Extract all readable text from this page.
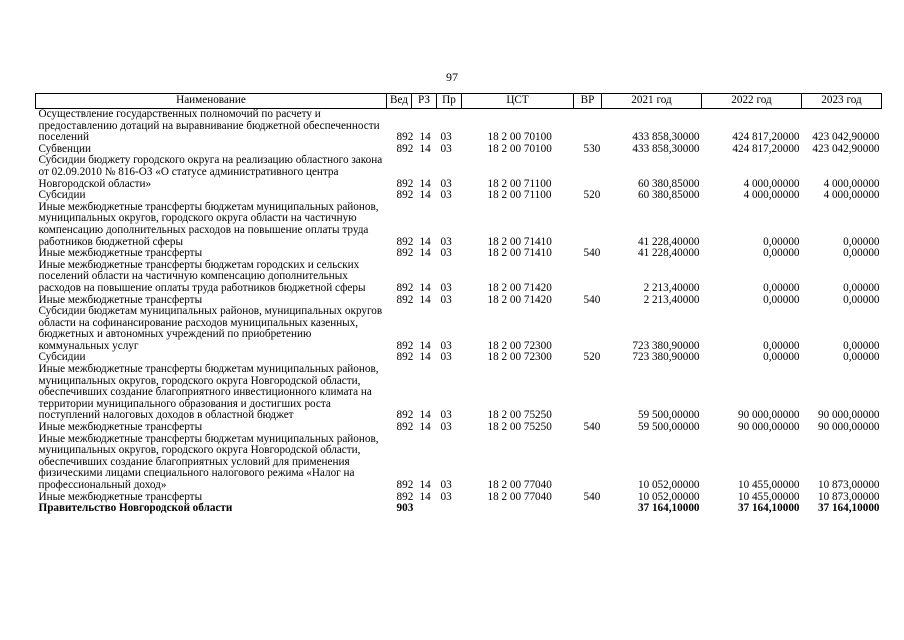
97
Наименование	Вед	РЗ	Пр	ЦСТ	ВР	2021 год	2022 год	2023 год
Осуществление государственных полномочий по расчету и предоставлению дотаций на выравнивание бюджетной обеспеченности поселений	892	14	03	18 2 00 70100		433 858,30000	424 817,20000	423 042,90000
Субвенции	892	14	03	18 2 00 70100	530	433 858,30000	424 817,20000	423 042,90000
Субсидии бюджету городского округа на реализацию областного закона от 02.09.2010 № 816-ОЗ «О статусе административного центра Новгородской области»	892	14	03	18 2 00 71100		60 380,85000	4 000,00000	4 000,00000
Субсидии	892	14	03	18 2 00 71100	520	60 380,85000	4 000,00000	4 000,00000
Иные межбюджетные трансферты бюджетам муниципальных районов, муниципальных округов, городского округа области на частичную компенсацию дополнительных расходов на повышение оплаты труда работников бюджетной сферы	892	14	03	18 2 00 71410		41 228,40000	0,00000	0,00000
Иные межбюджетные трансферты	892	14	03	18 2 00 71410	540	41 228,40000	0,00000	0,00000
Иные межбюджетные трансферты бюджетам городских и сельских поселений области на частичную компенсацию дополнительных расходов на повышение оплаты труда работников бюджетной сферы	892	14	03	18 2 00 71420		2 213,40000	0,00000	0,00000
Иные межбюджетные трансферты	892	14	03	18 2 00 71420	540	2 213,40000	0,00000	0,00000
Субсидии бюджетам муниципальных районов, муниципальных округов области на софинансирование расходов муниципальных казенных, бюджетных и автономных учреждений по приобретению коммунальных услуг	892	14	03	18 2 00 72300		723 380,90000	0,00000	0,00000
Субсидии	892	14	03	18 2 00 72300	520	723 380,90000	0,00000	0,00000
Иные межбюджетные трансферты бюджетам муниципальных районов, муниципальных округов, городского округа Новгородской области, обеспечивших создание благоприятного инвестиционного климата на территории муниципального образования и достигших роста поступлений налоговых доходов в областной бюджет	892	14	03	18 2 00 75250		59 500,00000	90 000,00000	90 000,00000
Иные межбюджетные трансферты	892	14	03	18 2 00 75250	540	59 500,00000	90 000,00000	90 000,00000
Иные межбюджетные трансферты бюджетам муниципальных районов, муниципальных округов, городского округа Новгородской области, обеспечивших создание благоприятных условий для применения физическими лицами специального налогового режима «Налог на профессиональный доход»	892	14	03	18 2 00 77040		10 052,00000	10 455,00000	10 873,00000
Иные межбюджетные трансферты	892	14	03	18 2 00 77040	540	10 052,00000	10 455,00000	10 873,00000
Правительство Новгородской области	903					37 164,10000	37 164,10000	37 164,10000
